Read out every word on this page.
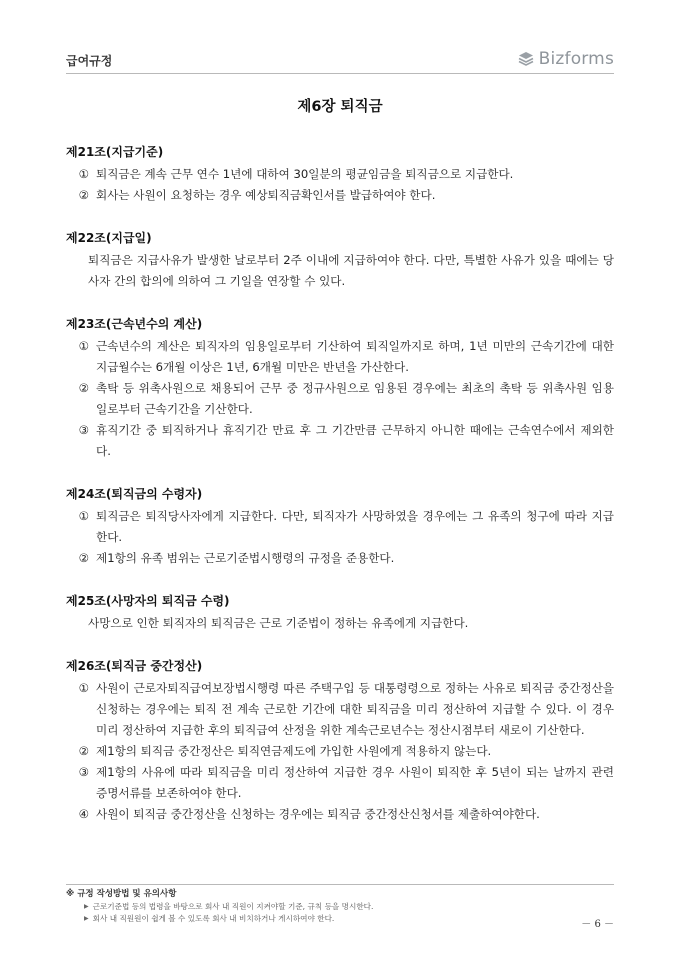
급여규정	Bizforms
제6장 퇴직금
제21조(지급기준)
① 퇴직금은 계속 근무 연수 1년에 대하여 30일분의 평균임금을 퇴직금으로 지급한다.
② 회사는 사원이 요청하는 경우 예상퇴직금확인서를 발급하여야 한다.
제22조(지급일)
퇴직금은 지급사유가 발생한 날로부터 2주 이내에 지급하여야 한다. 다만, 특별한 사유가 있을 때에는 당사자 간의 합의에 의하여 그 기일을 연장할 수 있다.
제23조(근속년수의 계산)
① 근속년수의 계산은 퇴직자의 임용일로부터 기산하여 퇴직일까지로 하며, 1년 미만의 근속기간에 대한 지급월수는 6개월 이상은 1년, 6개월 미만은 반년을 가산한다.
② 촉탁 등 위촉사원으로 채용되어 근무 중 정규사원으로 임용된 경우에는 최초의 촉탁 등 위촉사원 임용일로부터 근속기간을 기산한다.
③ 휴직기간 중 퇴직하거나 휴직기간 만료 후 그 기간만큼 근무하지 아니한 때에는 근속연수에서 제외한다.
제24조(퇴직금의 수령자)
① 퇴직금은 퇴직당사자에게 지급한다. 다만, 퇴직자가 사망하였을 경우에는 그 유족의 청구에 따라 지급한다.
② 제1항의 유족 범위는 근로기준법시행령의 규정을 준용한다.
제25조(사망자의 퇴직금 수령)
사망으로 인한 퇴직자의 퇴직금은 근로 기준법이 정하는 유족에게 지급한다.
제26조(퇴직금 중간정산)
① 사원이 근로자퇴직급여보장법시행령 따른 주택구입 등 대통령령으로 정하는 사유로 퇴직금 중간정산을 신청하는 경우에는 퇴직 전 계속 근로한 기간에 대한 퇴직금을 미리 정산하여 지급할 수 있다. 이 경우 미리 정산하여 지급한 후의 퇴직급여 산정을 위한 계속근로년수는 정산시점부터 새로이 기산한다.
② 제1항의 퇴직금 중간정산은 퇴직연금제도에 가입한 사원에게 적용하지 않는다.
③ 제1항의 사유에 따라 퇴직금을 미리 정산하여 지급한 경우 사원이 퇴직한 후 5년이 되는 날까지 관련 증명서류를 보존하여야 한다.
④ 사원이 퇴직금 중간정산을 신청하는 경우에는 퇴직금 중간정산신청서를 제출하여야한다.
※ 규정 작성방법 및 유의사항
▶ 근로기준법 등의 법령을 바탕으로 회사 내 직원이 지켜야할 기준, 규칙 등을 명시한다.
▶ 회사 내 직원원이 쉽게 볼 수 있도록 회사 내 비치하거나 게시하여야 한다.
－ 6 －
